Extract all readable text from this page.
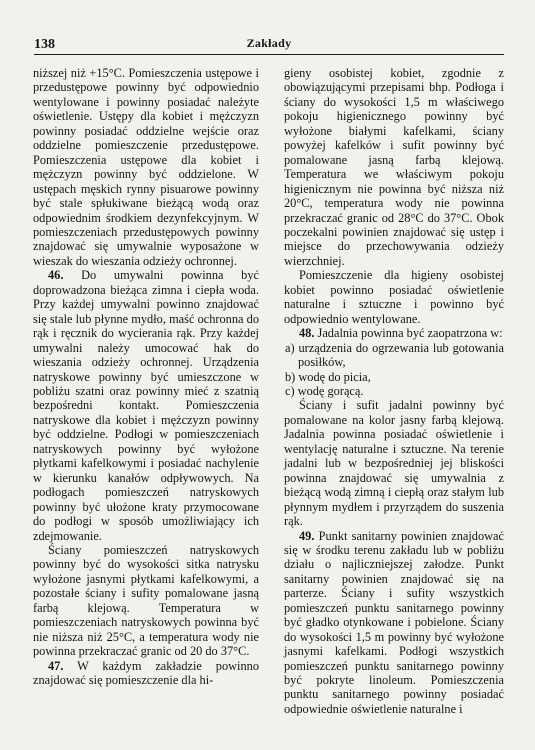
138	Zakłady

niższej niż +15°C. Pomieszczenia ustępowe i przedustępowe powinny być odpowiednio wentylowane i powinny posiadać należyte oświetlenie. Ustępy dla kobiet i mężczyzn powinny posiadać oddzielne wejście oraz oddzielne pomieszczenie przedustępowe. Pomieszczenia ustępowe dla kobiet i mężczyzn powinny być oddzielone. W ustępach męskich rynny pisuarowe powinny być stale spłukiwane bieżącą wodą oraz odpowiednim środkiem dezynfekcyjnym. W pomieszczeniach przedustępowych powinny znajdować się umywalnie wyposażone w wieszak do wieszania odzieży ochronnej.

46. Do umywalni powinna być doprowadzona bieżąca zimna i ciepła woda. Przy każdej umywalni powinno znajdować się stale lub płynne mydło, maść ochronna do rąk i ręcznik do wycierania rąk. Przy każdej umywalni należy umocować hak do wieszania odzieży ochronnej. Urządzenia natryskowe powinny być umieszczone w pobliżu szatni oraz powinny mieć z szatnią bezpośredni kontakt. Pomieszczenia natryskowe dla kobiet i mężczyzn powinny być oddzielne. Podłogi w pomieszczeniach natryskowych powinny być wyłożone płytkami kafelkowymi i posiadać nachylenie w kierunku kanałów odpływowych. Na podłogach pomieszczeń natryskowych powinny być ułożone kraty przymocowane do podłogi w sposób umożliwiający ich zdejmowanie.

Ściany pomieszczeń natryskowych powinny być do wysokości sitka natrysku wyłożone jasnymi płytkami kafelkowymi, a pozostałe ściany i sufity pomalowane jasną farbą klejową. Temperatura w pomieszczeniach natryskowych powinna być nie niższa niż 25°C, a temperatura wody nie powinna przekraczać granic od 20 do 37°C.

47. W każdym zakładzie powinno znajdować się pomieszczenie dla hi-

gieny osobistej kobiet, zgodnie z obowiązującymi przepisami bhp. Podłoga i ściany do wysokości 1,5 m właściwego pokoju higienicznego powinny być wyłożone białymi kafelkami, ściany powyżej kafelków i sufit powinny być pomalowane jasną farbą klejową. Temperatura we właściwym pokoju higienicznym nie powinna być niższa niż 20°C, temperatura wody nie powinna przekraczać granic od 28°C do 37°C. Obok poczekalni powinien znajdować się ustęp i miejsce do przechowywania odzieży wierzchniej.

Pomieszczenie dla higieny osobistej kobiet powinno posiadać oświetlenie naturalne i sztuczne i powinno być odpowiednio wentylowane.

48. Jadalnia powinna być zaopatrzona w:

a) urządzenia do ogrzewania lub gotowania posiłków,

b) wodę do picia,

c) wodę gorącą.

Ściany i sufit jadalni powinny być pomalowane na kolor jasny farbą klejową. Jadalnia powinna posiadać oświetlenie i wentylację naturalne i sztuczne. Na terenie jadalni lub w bezpośredniej jej bliskości powinna znajdować się umywalnia z bieżącą wodą zimną i ciepłą oraz stałym lub płynnym mydłem i przyrządem do suszenia rąk.

49. Punkt sanitarny powinien znajdować się w środku terenu zakładu lub w pobliżu działu o najliczniejszej załodze. Punkt sanitarny powinien znajdować się na parterze. Ściany i sufity wszystkich pomieszczeń punktu sanitarnego powinny być gładko otynkowane i pobielone. Ściany do wysokości 1,5 m powinny być wyłożone jasnymi kafelkami. Podłogi wszystkich pomieszczeń punktu sanitarnego powinny być pokryte linoleum. Pomieszczenia punktu sanitarnego powinny posiadać odpowiednie oświetlenie naturalne i
